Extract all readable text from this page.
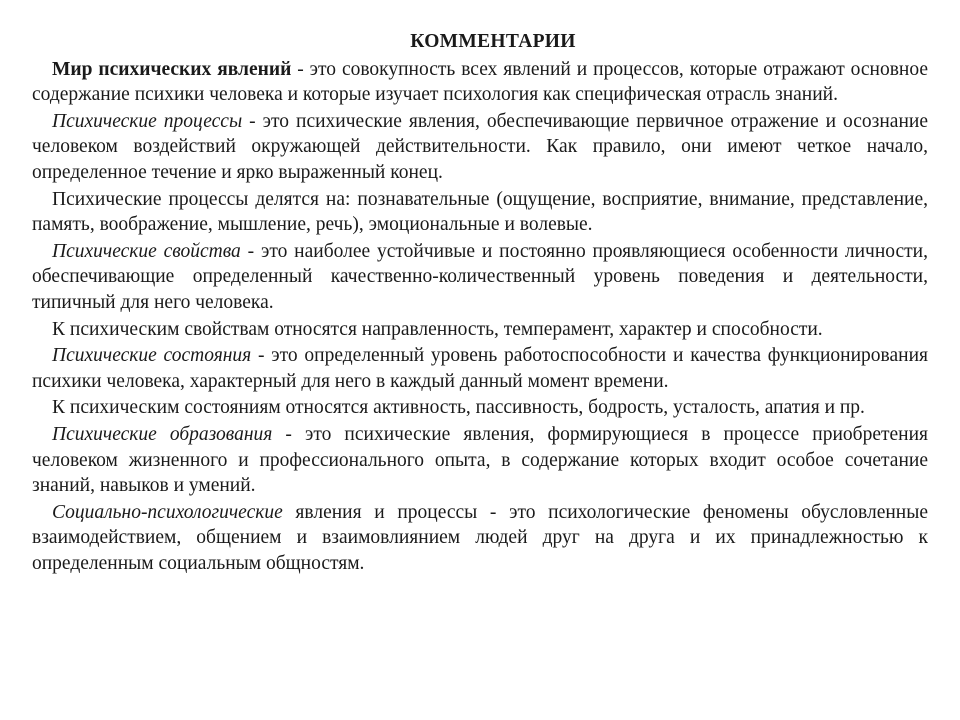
КОММЕНТАРИИ

Мир психических явлений - это совокупность всех явлений и процессов, которые отражают основное содержание психики человека и которые изучает психология как специфическая отрасль знаний.

Психические процессы - это психические явления, обеспечивающие первичное отражение и осознание человеком воздействий окружающей действительности. Как правило, они имеют четкое начало, определенное течение и ярко выраженный конец.

Психические процессы делятся на: познавательные (ощущение, восприятие, внимание, представление, память, воображение, мышление, речь), эмоциональные и волевые.

Психические свойства - это наиболее устойчивые и постоянно проявляющиеся особенности личности, обеспечивающие определенный качественно-количественный уровень поведения и деятельности, типичный для него человека.

К психическим свойствам относятся направленность, темперамент, характер и способности.

Психические состояния - это определенный уровень работоспособности и качества функционирования психики человека, характерный для него в каждый данный момент времени.

К психическим состояниям относятся активность, пассивность, бодрость, усталость, апатия и пр.

Психические образования - это психические явления, формирующиеся в процессе приобретения человеком жизненного и профессионального опыта, в содержание которых входит особое сочетание знаний, навыков и умений.

Социально-психологические явления и процессы - это психологические феномены обусловленные взаимодействием, общением и взаимовлиянием людей друг на друга и их принадлежностью к определенным социальным общностям.
